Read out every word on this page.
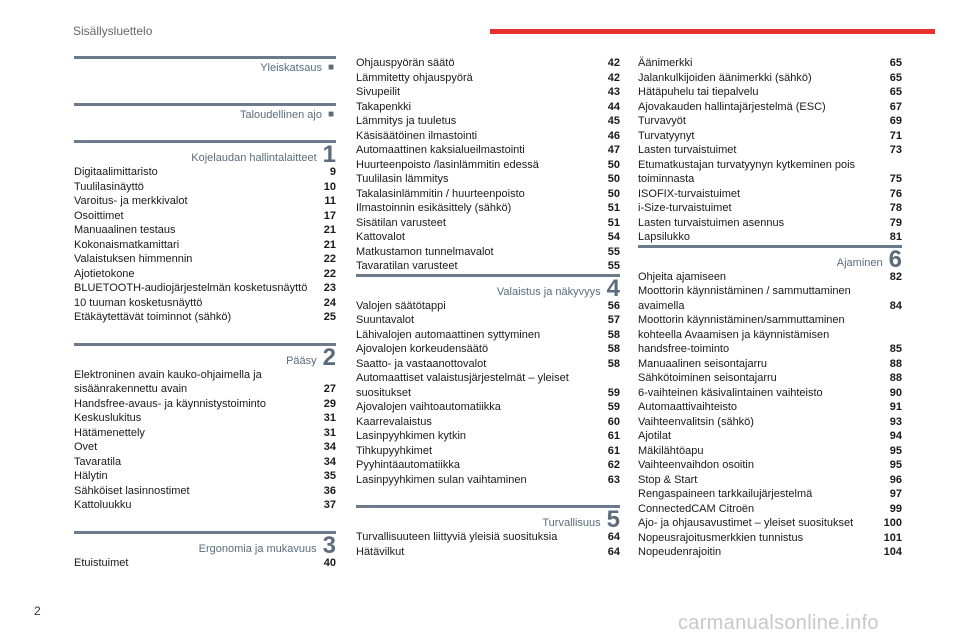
Sisällysluettelo
Yleiskatsaus ■
Taloudellinen ajo ■
Kojelaudan hallintalaitteet 1
Digitaalimittaristo	9
Tuulilasinäyttö	10
Varoitus- ja merkkivalot	11
Osoittimet	17
Manuaalinen testaus	21
Kokonaismatkamittari	21
Valaistuksen himmennin	22
Ajotietokone	22
BLUETOOTH-audiojärjestelmän kosketusnäyttö	23
10 tuuman kosketusnäyttö	24
Etäkäytettävät toiminnot (sähkö)	25
Pääsy 2
Elektroninen avain kauko-ohjaimella ja sisäänrakennettu avain	27
Handsfree-avaus- ja käynnistystoiminto	29
Keskuslukitus	31
Hätämenettely	31
Ovet	34
Tavaratila	34
Hälytin	35
Sähköiset lasinnostimet	36
Kattoluukku	37
Ergonomia ja mukavuus 3
Etuistuimet	40
Ohjauspyörän säätö	42
Lämmitetty ohjauspyörä	42
Sivupeilit	43
Takapenkki	44
Lämmitys ja tuuletus	45
Käsisäätöinen ilmastointi	46
Automaattinen kaksialueilmastointi	47
Huurteenpoisto /lasinlämmitin edessä	50
Tuulilasin lämmitys	50
Takalasinlämmitin / huurteenpoisto	50
Ilmastoinnin esikäsittely (sähkö)	51
Sisätilan varusteet	51
Kattovalot	54
Matkustamon tunnelmavalot	55
Tavaratilan varusteet	55
Valaistus ja näkyvyys 4
Valojen säätötappi	56
Suuntavalot	57
Lähivalojen automaattinen syttyminen	58
Ajovalojen korkeudensäätö	58
Saatto- ja vastaanottovalot	58
Automaattiset valaistusjärjestelmät – yleiset suositukset	59
Ajovalojen vaihtoautomatiikka	59
Kaarrevalaistus	60
Lasinpyyhkimen kytkin	61
Tihkupyyhkimet	61
Pyyhintäautomatiikka	62
Lasinpyyhkimen sulan vaihtaminen	63
Turvallisuus 5
Turvallisuuteen liittyviä yleisiä suosituksia	64
Hätävilkut	64
Äänimerkki	65
Jalankulkijoiden äänimerkki (sähkö)	65
Hätäpuhelu tai tiepalvelu	65
Ajovakauden hallintajärjestelmä (ESC)	67
Turvavyöt	69
Turvatyynyt	71
Lasten turvaistuimet	73
Etumatkustajan turvatyynyn kytkeminen pois toiminnasta	75
ISOFIX-turvaistuimet	76
i-Size-turvaistuimet	78
Lasten turvaistuimen asennus	79
Lapsilukko	81
Ajaminen 6
Ohjeita ajamiseen	82
Moottorin käynnistäminen / sammuttaminen avaimella	84
Moottorin käynnistäminen/sammuttaminen kohteella Avaamisen ja käynnistämisen handsfree-toiminto	85
Manuaalinen seisontajarru	88
Sähkötoiminen seisontajarru	88
6-vaihteinen käsivalintainen vaihteisto	90
Automaattivaihteisto	91
Vaihteenvalitsin (sähkö)	93
Ajotilat	94
Mäkilähtöapu	95
Vaihteenvaihdon osoitin	95
Stop & Start	96
Rengaspaineen tarkkailujärjestelmä	97
ConnectedCAM Citroën	99
Ajo- ja ohjausavustimet – yleiset suositukset	100
Nopeusrajoitusmerkkien tunnistus	101
Nopeudenrajoitin	104
2
carmanualsonline.info
